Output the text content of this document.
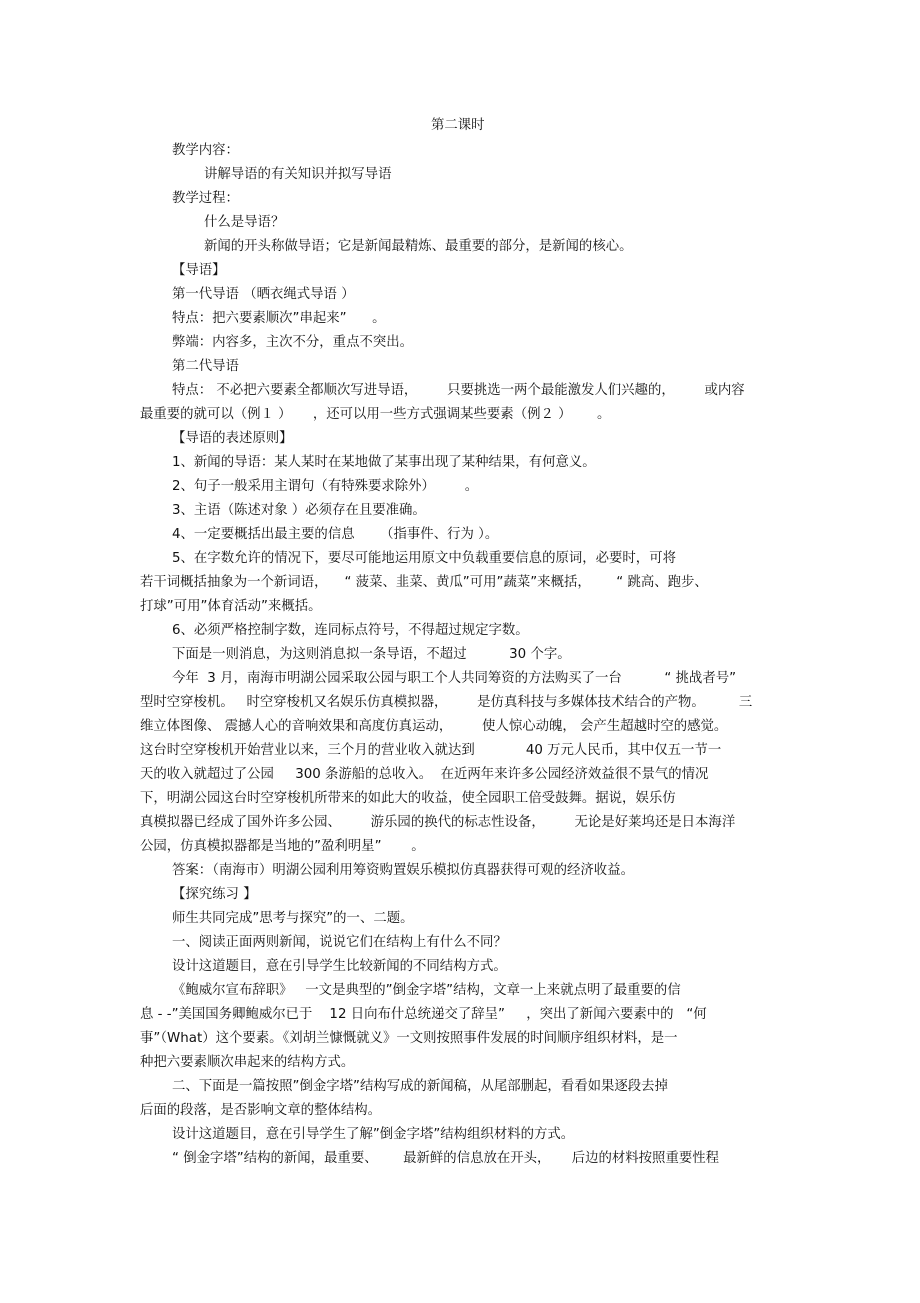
第二课时
教学内容：
讲解导语的有关知识并拟写导语
教学过程：
什么是导语？
新闻的开头称做导语；它是新闻最精炼、最重要的部分，是新闻的核心。
【导语】
第一代导语 （晒衣绳式导语 ）
特点：把六要素顺次”串起来”      。
弊端：内容多，主次不分，重点不突出。
第二代导语
特点： 不必把六要素全都顺次写进导语，       只要挑选一两个最能激发人们兴趣的，       或内容
最重要的就可以（例１ ）     ，还可以用一些方式强调某些要素（例２ ）      。
【导语的表述原则】
1、新闻的导语：某人某时在某地做了某事出现了某种结果，有何意义。
2、句子一般采用主谓句（有特殊要求除外）       。
3、主语（陈述对象 ）必须存在且要准确。
4、一定要概括出最主要的信息      （指事件、行为 ）。
5、在字数允许的情况下，要尽可能地运用原文中负载重要信息的原词，必要时，可将
若干词概括抽象为一个新词语，    “ 菠菜、韭菜、黄瓜”可用”蔬菜”来概括，      “ 跳高、跑步、
打球”可用”体育活动”来概括。
6、必须严格控制字数，连同标点符号，不得超过规定字数。
下面是一则消息，为这则消息拟一条导语，不超过          30 个字。
今年  3 月，南海市明湖公园采取公园与职工个人共同筹资的方法购买了一台          “ 挑战者号”
型时空穿梭机。   时空穿梭机又名娱乐仿真模拟器，       是仿真科技与多媒体技术结合的产物。        三
维立体图像、 震撼人心的音响效果和高度仿真运动，       使人惊心动魄， 会产生超越时空的感觉。
这台时空穿梭机开始营业以来，三个月的营业收入就达到            40 万元人民币，其中仅五一节一
天的收入就超过了公园     300 条游船的总收入。  在近两年来许多公园经济效益很不景气的情况
下，明湖公园这台时空穿梭机所带来的如此大的收益，使全园职工倍受鼓舞。据说，娱乐仿
真模拟器已经成了国外许多公园、       游乐园的换代的标志性设备，       无论是好莱坞还是日本海洋
公园，仿真模拟器都是当地的”盈利明星”       。
答案：（南海市）明湖公园利用筹资购置娱乐模拟仿真器获得可观的经济收益。
【探究练习 】
师生共同完成”思考与探究”的一、二题。
一、阅读正面两则新闻，说说它们在结构上有什么不同？
设计这道题目，意在引导学生比较新闻的不同结构方式。
《鲍威尔宣布辞职》   一文是典型的”倒金字塔”结构，文章一上来就点明了最重要的信
息 - -”美国国务卿鲍威尔已于    12 日向布什总统递交了辞呈”     ，突出了新闻六要素中的   “何
事”（What）这个要素。《刘胡兰慷慨就义》一文则按照事件发展的时间顺序组织材料，是一
种把六要素顺次串起来的结构方式。
二、下面是一篇按照”倒金字塔”结构写成的新闻稿，从尾部删起，看看如果逐段去掉
后面的段落，是否影响文章的整体结构。
设计这道题目，意在引导学生了解”倒金字塔”结构组织材料的方式。
“ 倒金字塔”结构的新闻，最重要、      最新鲜的信息放在开头，     后边的材料按照重要性程
